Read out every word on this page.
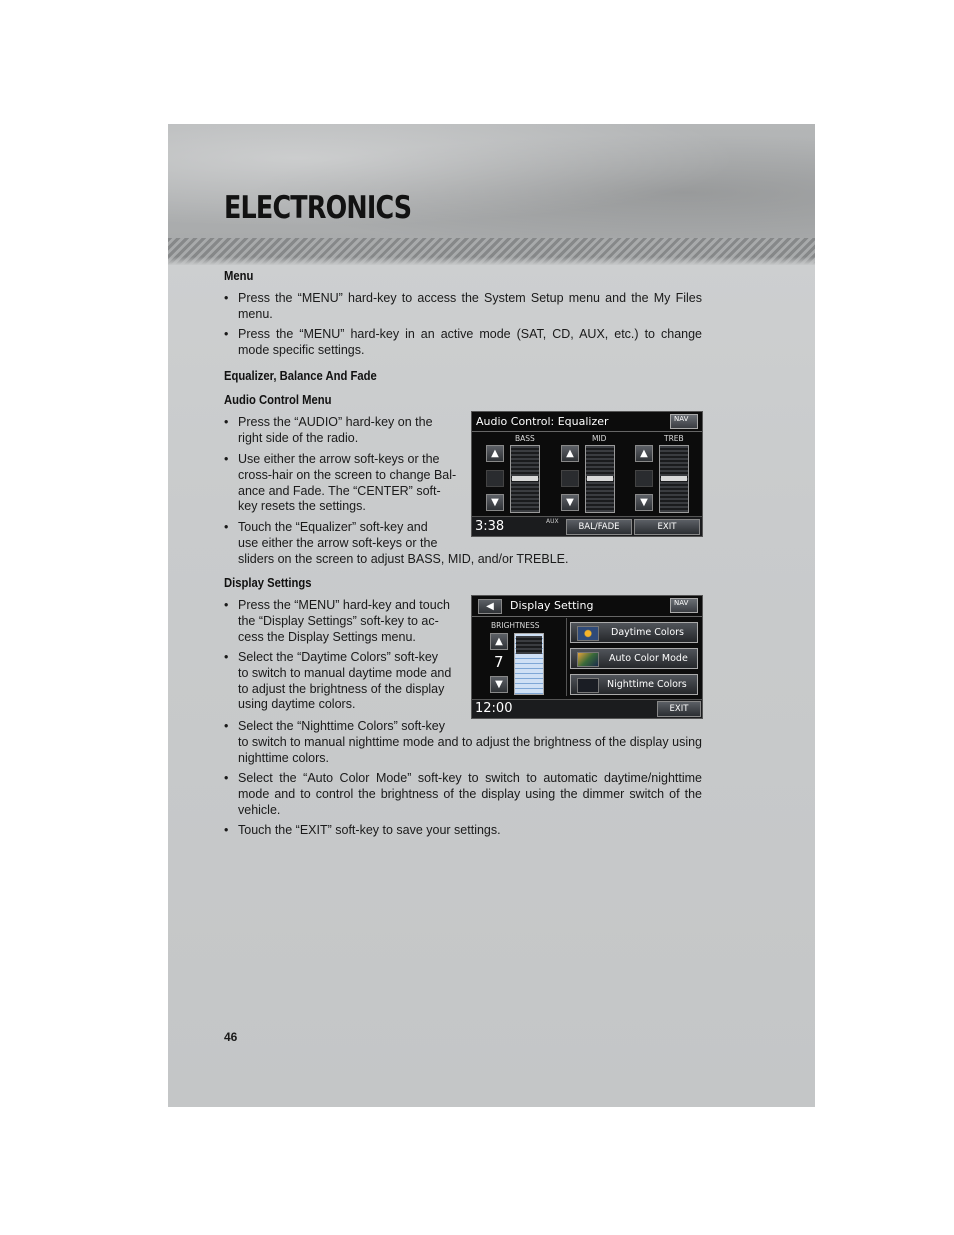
ELECTRONICS
Menu
• Press the “MENU” hard-key to access the System Setup menu and the My Files menu.
• Press the “MENU” hard-key in an active mode (SAT, CD, AUX, etc.) to change mode specific settings.
Equalizer, Balance And Fade
Audio Control Menu
• Press the “AUDIO” hard-key on the
right side of the radio.
• Use either the arrow soft-keys or the
cross-hair on the screen to change Bal-
ance and Fade. The “CENTER” soft-
key resets the settings.
• Touch the “Equalizer” soft-key and
use either the arrow soft-keys or the
sliders on the screen to adjust BASS, MID, and/or TREBLE.
Audio Control: Equalizer	NAV
BASS	MID	TREB
▲
▼
▲
▼
▲
▼
3:38	AUX
BAL/FADE	EXIT
Display Settings
• Press the “MENU” hard-key and touch
the “Display Settings” soft-key to ac-
cess the Display Settings menu.
• Select the “Daytime Colors” soft-key
to switch to manual daytime mode and
to adjust the brightness of the display
using daytime colors.
• Select the “Nighttime Colors” soft-key
to switch to manual nighttime mode and to adjust the brightness of the display using nighttime colors.
• Select the “Auto Color Mode” soft-key to switch to automatic daytime/nighttime mode and to control the brightness of the display using the dimmer switch of the vehicle.
• Touch the “EXIT” soft-key to save your settings.
◀	Display Setting	NAV
BRIGHTNESS
▲
7
▼
Daytime Colors
Auto Color Mode
Nighttime Colors
12:00	EXIT
46
